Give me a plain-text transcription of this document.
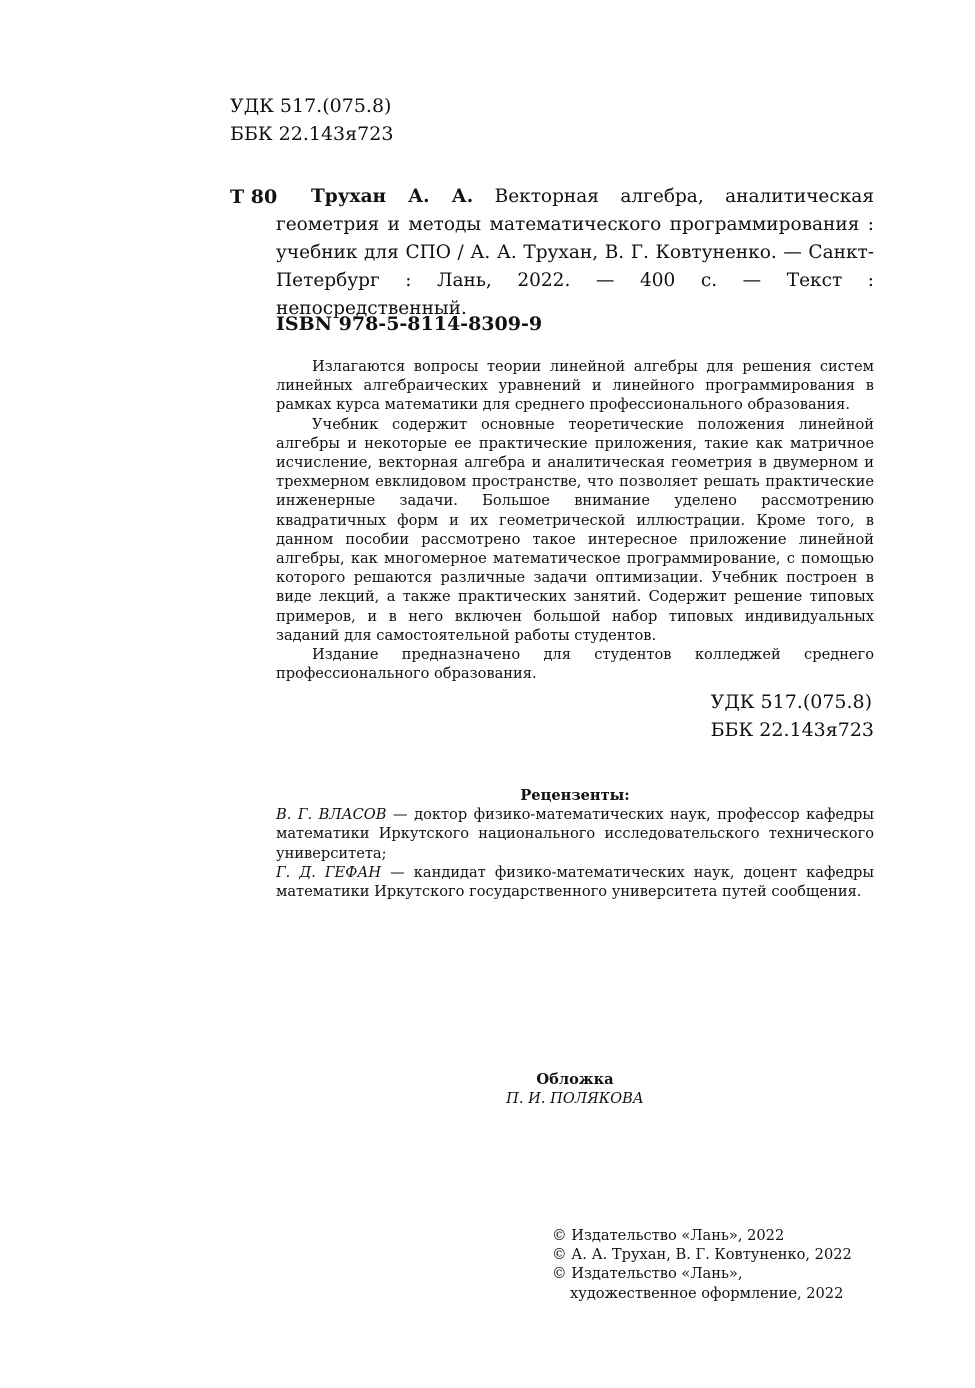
УДК 517.(075.8)
ББК 22.143я723
Т 80	Трухан А. А. Векторная алгебра, аналитическая геометрия и методы математического программирования : учебник для СПО / А. А. Трухан, В. Г. Ковтуненко. — Санкт-Петербург : Лань, 2022. — 400 с. — Текст : непосредственный.
ISBN 978-5-8114-8309-9

Излагаются вопросы теории линейной алгебры для решения систем линейных алгебраических уравнений и линейного программирования в рамках курса математики для среднего профессионального образования.

Учебник содержит основные теоретические положения линейной алгебры и некоторые ее практические приложения, такие как матричное исчисление, векторная алгебра и аналитическая геометрия в двумерном и трехмерном евклидовом пространстве, что позволяет решать практические инженерные задачи. Большое внимание уделено рассмотрению квадратичных форм и их геометрической иллюстрации. Кроме того, в данном пособии рассмотрено такое интересное приложение линейной алгебры, как многомерное математическое программирование, с помощью которого решаются различные задачи оптимизации. Учебник построен в виде лекций, а также практических занятий. Содержит решение типовых примеров, и в него включен большой набор типовых индивидуальных заданий для самостоятельной работы студентов.

Издание предназначено для студентов колледжей среднего профессионального образования.

УДК 517.(075.8)
ББК 22.143я723
Рецензенты:

В. Г. ВЛАСОВ — доктор физико-математических наук, профессор кафедры математики Иркутского национального исследовательского технического университета;

Г. Д. ГЕФАН — кандидат физико-математических наук, доцент кафедры математики Иркутского государственного университета путей сообщения.

Обложка
П. И. ПОЛЯКОВА
© Издательство «Лань», 2022
© А. А. Трухан, В. Г. Ковтуненко, 2022
© Издательство «Лань»,
художественное оформление, 2022
